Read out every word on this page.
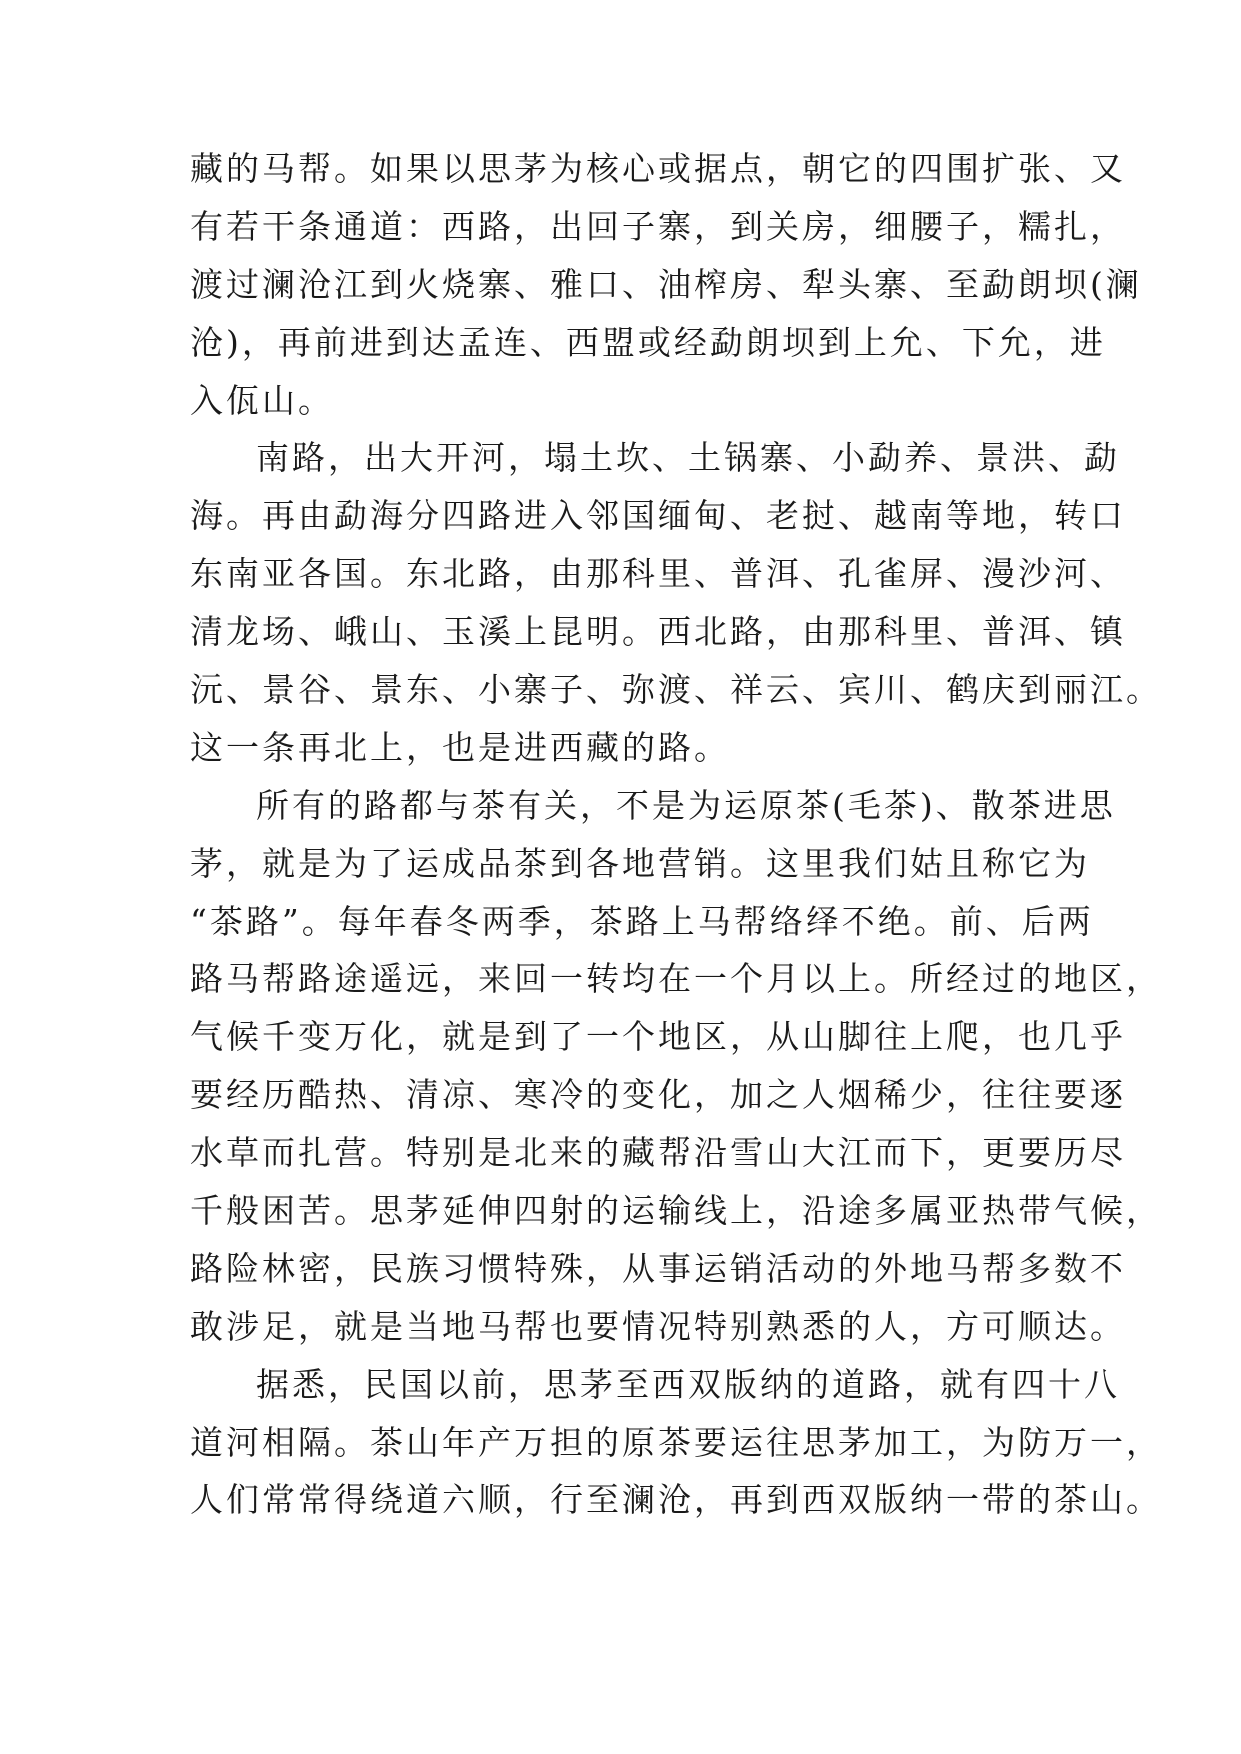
藏的马帮。如果以思茅为核心或据点，朝它的四围扩张、又
有若干条通道：西路，出回子寨，到关房，细腰子，糯扎，
渡过澜沧江到火烧寨、雅口、油榨房、犁头寨、至勐朗坝(澜
沧)，再前进到达孟连、西盟或经勐朗坝到上允、下允，进
入佤山。
南路，出大开河，塌土坎、土锅寨、小勐养、景洪、勐
海。再由勐海分四路进入邻国缅甸、老挝、越南等地，转口
东南亚各国。东北路，由那科里、普洱、孔雀屏、漫沙河、
清龙场、峨山、玉溪上昆明。西北路，由那科里、普洱、镇
沅、景谷、景东、小寨子、弥渡、祥云、宾川、鹤庆到丽江。
这一条再北上，也是进西藏的路。
所有的路都与茶有关，不是为运原茶(毛茶)、散茶进思
茅，就是为了运成品茶到各地营销。这里我们姑且称它为
“茶路”。每年春冬两季，茶路上马帮络绎不绝。前、后两
路马帮路途遥远，来回一转均在一个月以上。所经过的地区，
气候千变万化，就是到了一个地区，从山脚往上爬，也几乎
要经历酷热、清凉、寒冷的变化，加之人烟稀少，往往要逐
水草而扎营。特别是北来的藏帮沿雪山大江而下，更要历尽
千般困苦。思茅延伸四射的运输线上，沿途多属亚热带气候，
路险林密，民族习惯特殊，从事运销活动的外地马帮多数不
敢涉足，就是当地马帮也要情况特别熟悉的人，方可顺达。
据悉，民国以前，思茅至西双版纳的道路，就有四十八
道河相隔。茶山年产万担的原茶要运往思茅加工，为防万一，
人们常常得绕道六顺，行至澜沧，再到西双版纳一带的茶山。
